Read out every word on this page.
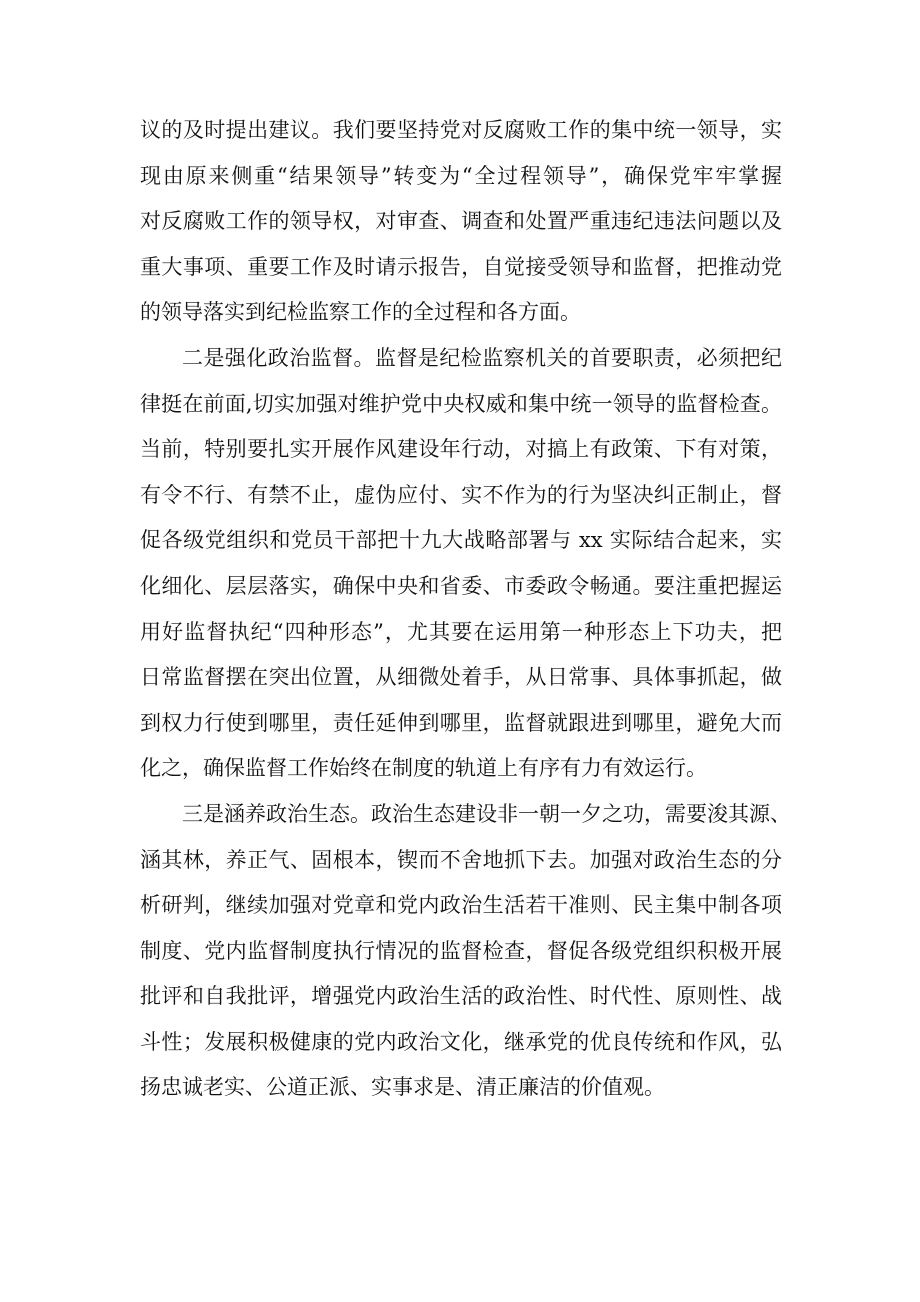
议的及时提出建议。我们要坚持党对反腐败工作的集中统一领导，实
现由原来侧重“结果领导”转变为“全过程领导”，确保党牢牢掌握
对反腐败工作的领导权，对审查、调查和处置严重违纪违法问题以及
重大事项、重要工作及时请示报告，自觉接受领导和监督，把推动党
的领导落实到纪检监察工作的全过程和各方面。
二是强化政治监督。监督是纪检监察机关的首要职责，必须把纪
律挺在前面,切实加强对维护党中央权威和集中统一领导的监督检查。
当前，特别要扎实开展作风建设年行动，对搞上有政策、下有对策，
有令不行、有禁不止，虚伪应付、实不作为的行为坚决纠正制止，督
促各级党组织和党员干部把十九大战略部署与 xx 实际结合起来，实
化细化、层层落实，确保中央和省委、市委政令畅通。要注重把握运
用好监督执纪“四种形态”，尤其要在运用第一种形态上下功夫，把
日常监督摆在突出位置，从细微处着手，从日常事、具体事抓起，做
到权力行使到哪里，责任延伸到哪里，监督就跟进到哪里，避免大而
化之，确保监督工作始终在制度的轨道上有序有力有效运行。
三是涵养政治生态。政治生态建设非一朝一夕之功，需要浚其源、
涵其林，养正气、固根本，锲而不舍地抓下去。加强对政治生态的分
析研判，继续加强对党章和党内政治生活若干准则、民主集中制各项
制度、党内监督制度执行情况的监督检查，督促各级党组织积极开展
批评和自我批评，增强党内政治生活的政治性、时代性、原则性、战
斗性；发展积极健康的党内政治文化，继承党的优良传统和作风，弘
扬忠诚老实、公道正派、实事求是、清正廉洁的价值观。
